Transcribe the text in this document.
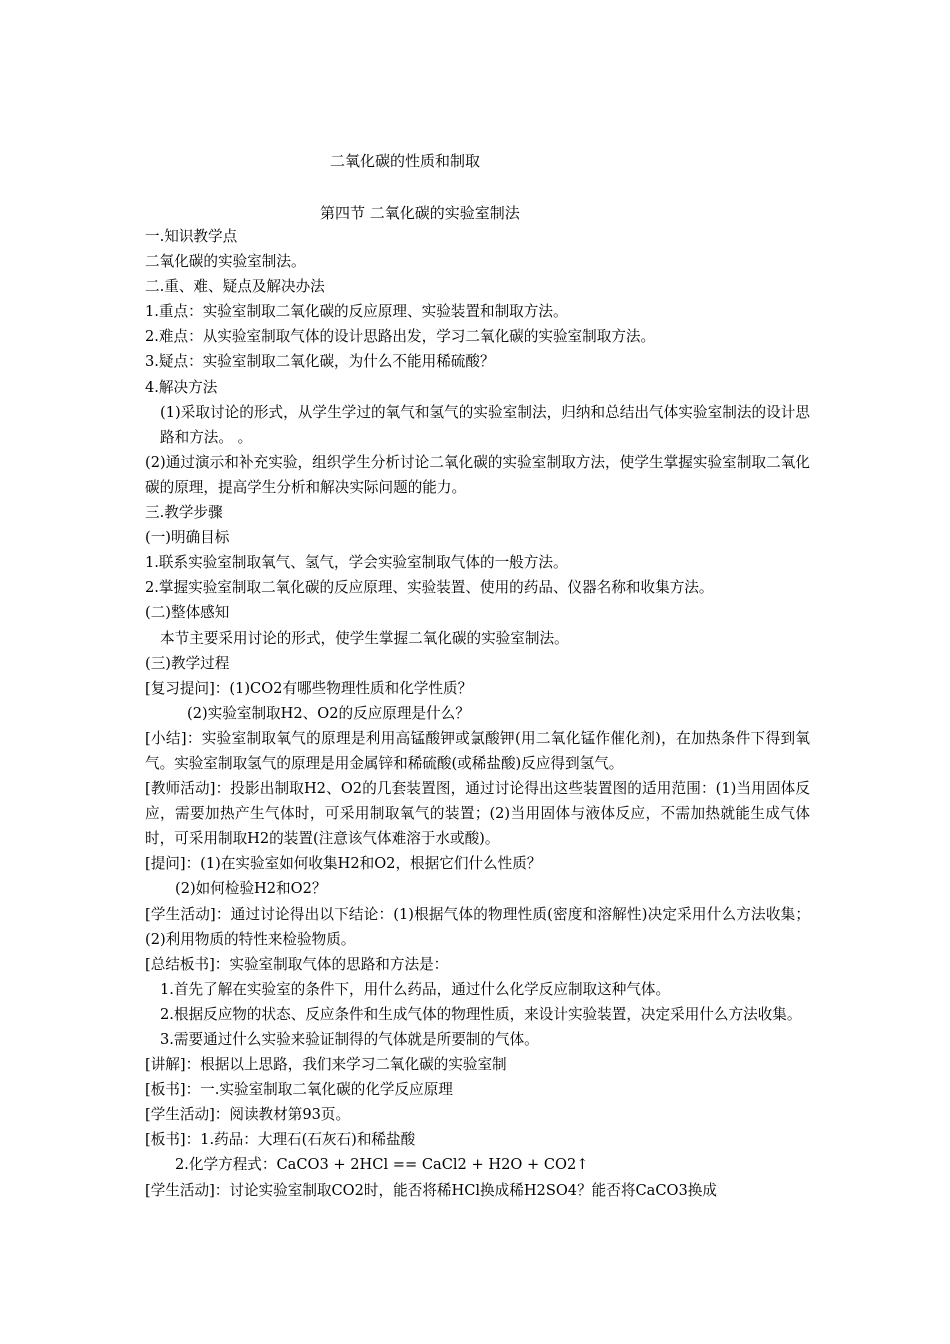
二氧化碳的性质和制取
第四节 二氧化碳的实验室制法

一.知识教学点

二氧化碳的实验室制法。

二.重、难、疑点及解决办法

1.重点：实验室制取二氧化碳的反应原理、实验装置和制取方法。

2.难点：从实验室制取气体的设计思路出发，学习二氧化碳的实验室制取方法。

3.疑点：实验室制取二氧化碳，为什么不能用稀硫酸？

4.解决方法

(1)采取讨论的形式，从学生学过的氧气和氢气的实验室制法，归纳和总结出气体实验室制法的设计思路和方法。 。

(2)通过演示和补充实验，组织学生分析讨论二氧化碳的实验室制取方法，使学生掌握实验室制取二氧化碳的原理，提高学生分析和解决实际问题的能力。

三.教学步骤

(一)明确目标

1.联系实验室制取氧气、氢气，学会实验室制取气体的一般方法。

2.掌握实验室制取二氧化碳的反应原理、实验装置、使用的药品、仪器名称和收集方法。

(二)整体感知

本节主要采用讨论的形式，使学生掌握二氧化碳的实验室制法。

(三)教学过程

[复习提问]：(1)CO2有哪些物理性质和化学性质？

(2)实验室制取H2、O2的反应原理是什么？

[小结]：实验室制取氧气的原理是利用高锰酸钾或氯酸钾(用二氧化锰作催化剂)，在加热条件下得到氧气。实验室制取氢气的原理是用金属锌和稀硫酸(或稀盐酸)反应得到氢气。

[教师活动]：投影出制取H2、O2的几套装置图，通过讨论得出这些装置图的适用范围：(1)当用固体反应，需要加热产生气体时，可采用制取氧气的装置；(2)当用固体与液体反应，不需加热就能生成气体时，可采用制取H2的装置(注意该气体难溶于水或酸)。

[提问]：(1)在实验室如何收集H2和O2，根据它们什么性质？

(2)如何检验H2和O2？

[学生活动]：通过讨论得出以下结论：(1)根据气体的物理性质(密度和溶解性)决定采用什么方法收集；(2)利用物质的特性来检验物质。

[总结板书]：实验室制取气体的思路和方法是：

1.首先了解在实验室的条件下，用什么药品，通过什么化学反应制取这种气体。

2.根据反应物的状态、反应条件和生成气体的物理性质，来设计实验装置，决定采用什么方法收集。

3.需要通过什么实验来验证制得的气体就是所要制的气体。

[讲解]：根据以上思路，我们来学习二氧化碳的实验室制

[板书]：一.实验室制取二氧化碳的化学反应原理

[学生活动]：阅读教材第93页。

[板书]：1.药品：大理石(石灰石)和稀盐酸

2.化学方程式：CaCO3 + 2HCl == CaCl2 + H2O + CO2↑

[学生活动]：讨论实验室制取CO2时，能否将稀HCl换成稀H2SO4？能否将CaCO3换成
